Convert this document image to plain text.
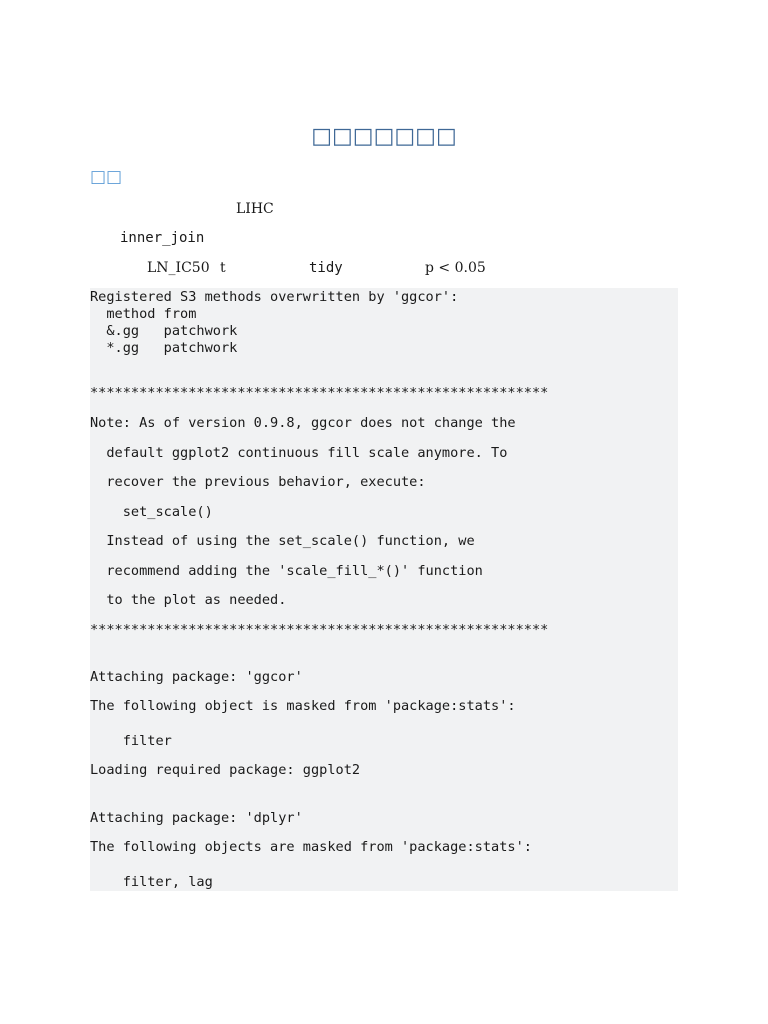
□□□□□□□
□□
LIHC
inner_join
LN_IC50 t	tidy	p < 0.05
Registered S3 methods overwritten by 'ggcor':
method from
&.gg   patchwork
*.gg   patchwork
********************************************************
Note: As of version 0.9.8, ggcor does not change the
default ggplot2 continuous fill scale anymore. To
recover the previous behavior, execute:
set_scale()
Instead of using the set_scale() function, we
recommend adding the 'scale_fill_*()' function
to the plot as needed.
********************************************************
Attaching package: 'ggcor'
The following object is masked from 'package:stats':
filter
Loading required package: ggplot2
Attaching package: 'dplyr'
The following objects are masked from 'package:stats':
filter, lag
